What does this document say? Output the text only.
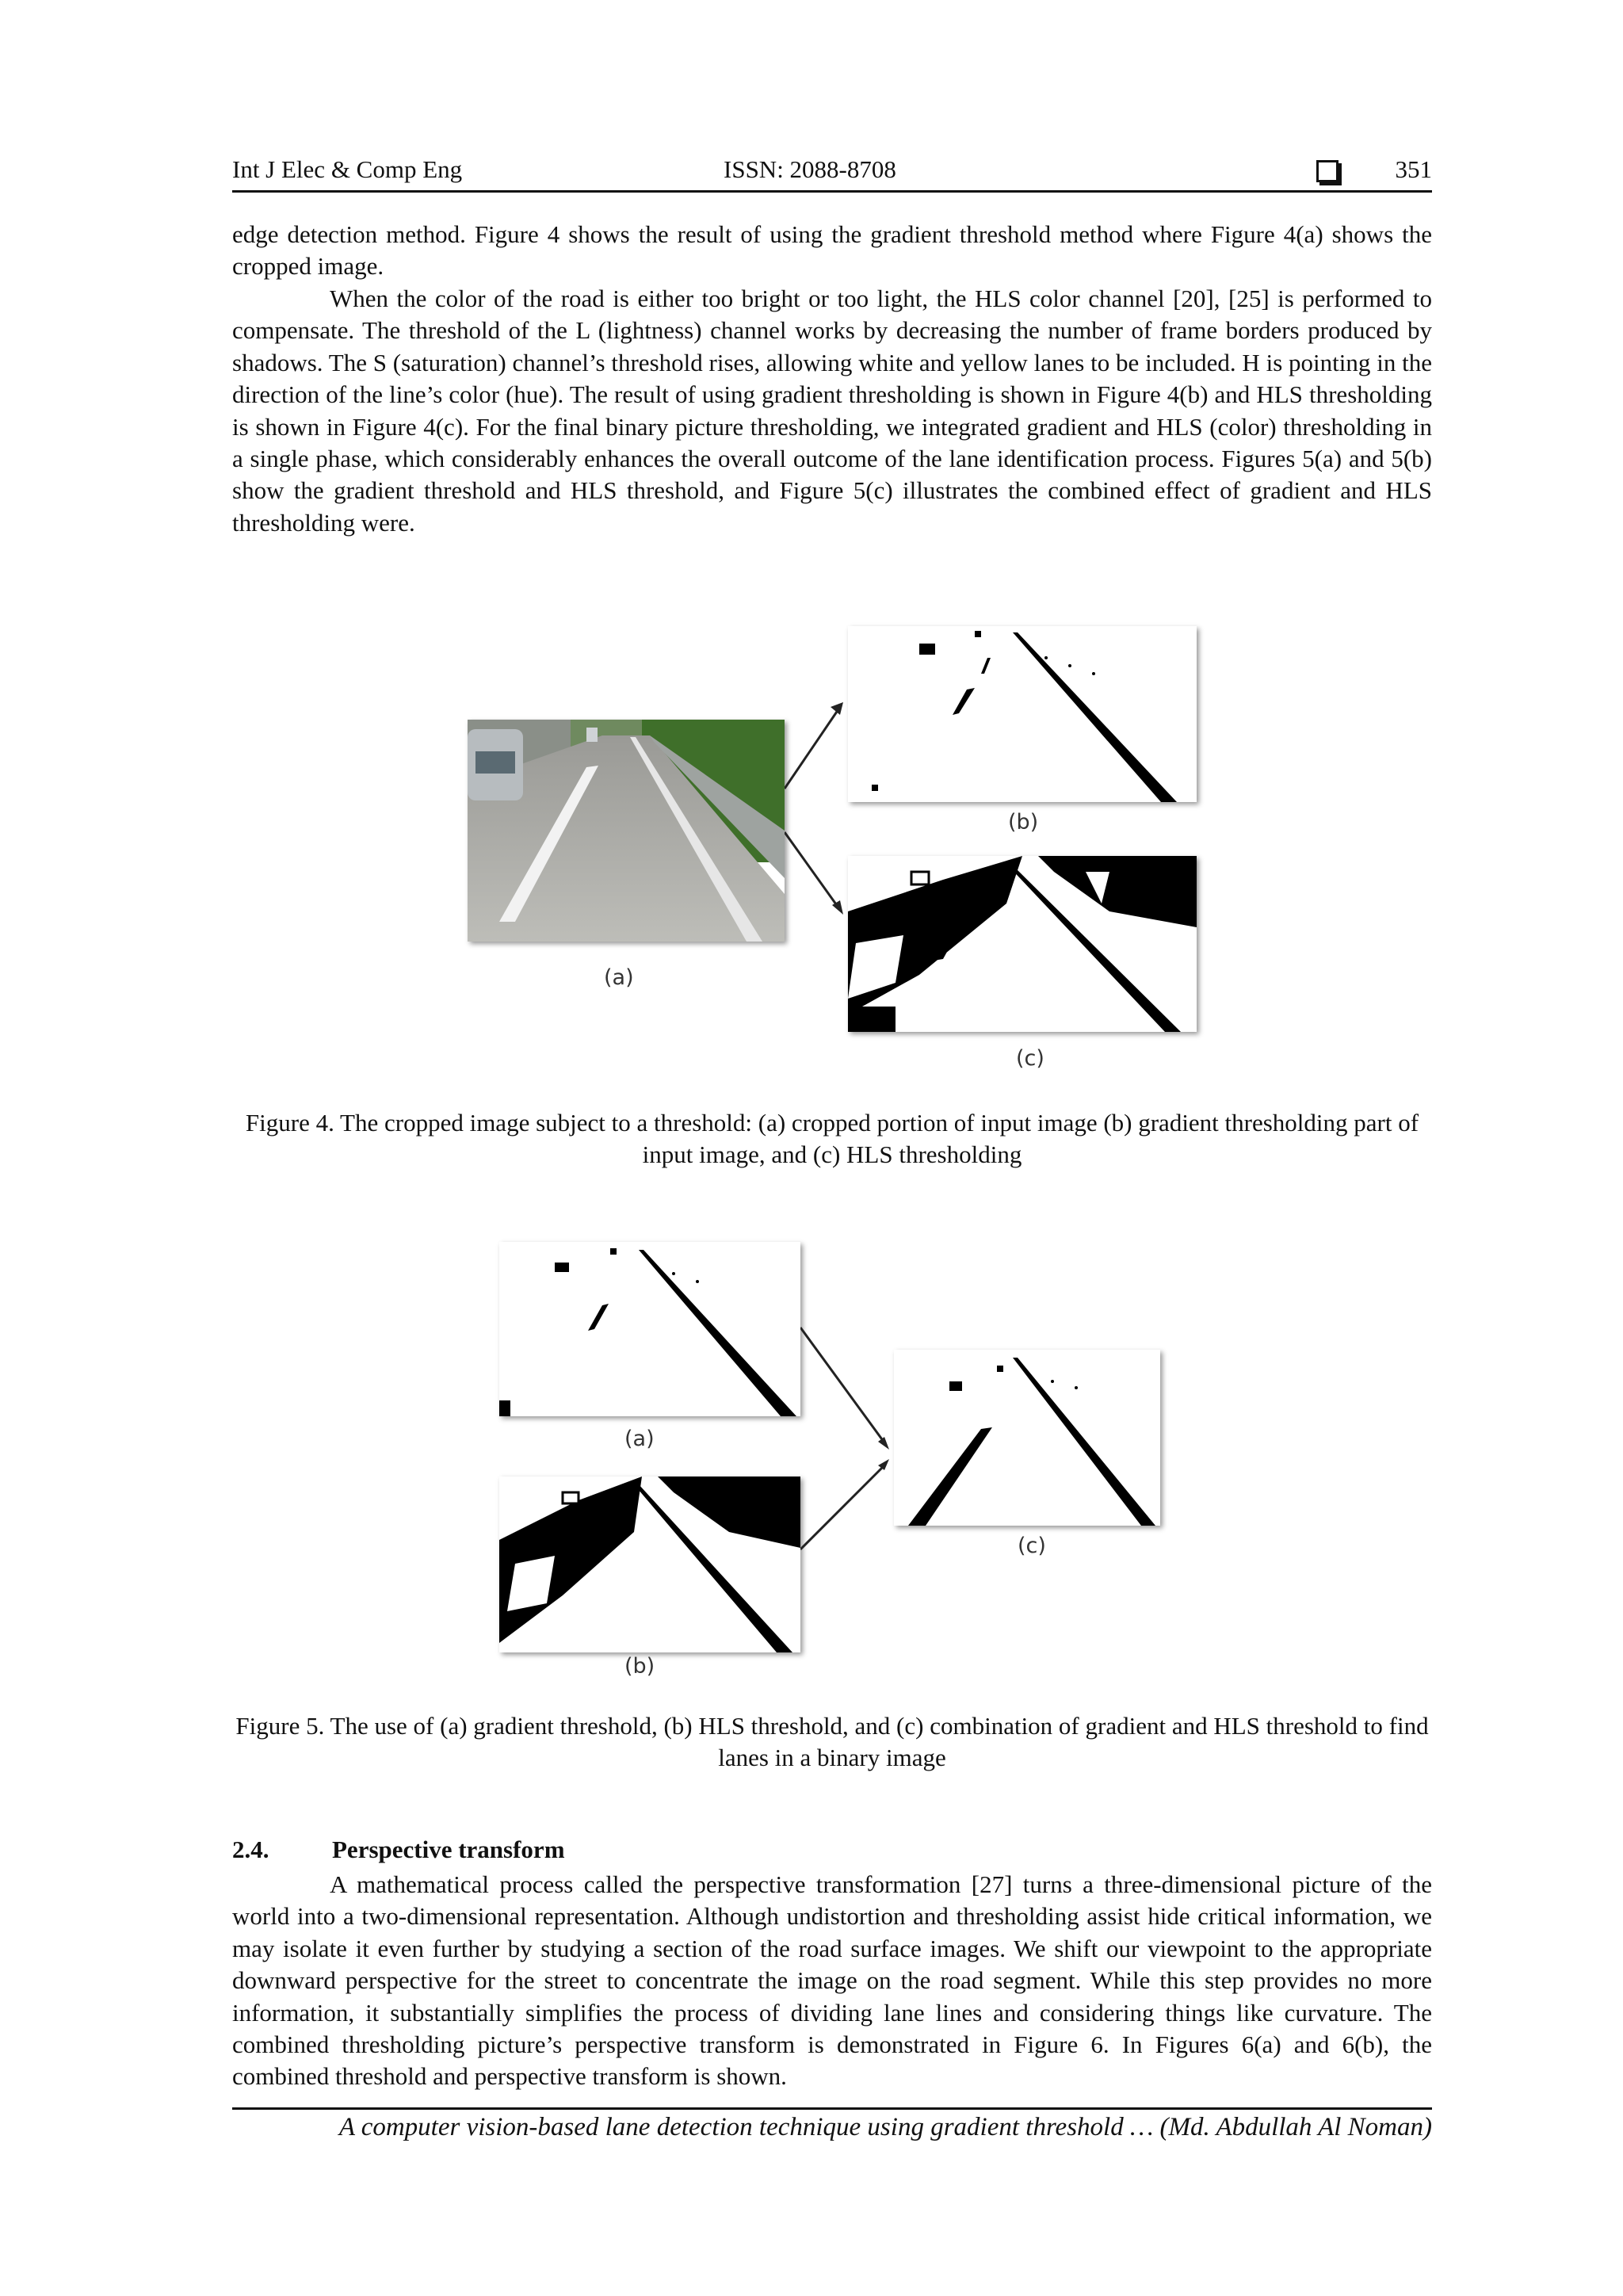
Int J Elec & Comp Eng	ISSN: 2088-8708	351

edge detection method. Figure 4 shows the result of using the gradient threshold method where Figure 4(a) shows the cropped image.

When the color of the road is either too bright or too light, the HLS color channel [20], [25] is performed to compensate. The threshold of the L (lightness) channel works by decreasing the number of frame borders produced by shadows. The S (saturation) channel’s threshold rises, allowing white and yellow lanes to be included. H is pointing in the direction of the line’s color (hue). The result of using gradient thresholding is shown in Figure 4(b) and HLS thresholding is shown in Figure 4(c). For the final binary picture thresholding, we integrated gradient and HLS (color) thresholding in a single phase, which considerably enhances the overall outcome of the lane identification process. Figures 5(a) and 5(b) show the gradient threshold and HLS threshold, and Figure 5(c) illustrates the combined effect of gradient and HLS thresholding were.

(a)
(b)
(c)

Figure 4. The cropped image subject to a threshold: (a) cropped portion of input image (b) gradient thresholding part of input image, and (c) HLS thresholding

(a)
(b)
(c)

Figure 5. The use of (a) gradient threshold, (b) HLS threshold, and (c) combination of gradient and HLS threshold to find lanes in a binary image

2.4.	Perspective transform

A mathematical process called the perspective transformation [27] turns a three-dimensional picture of the world into a two-dimensional representation. Although undistortion and thresholding assist hide critical information, we may isolate it even further by studying a section of the road surface images. We shift our viewpoint to the appropriate downward perspective for the street to concentrate the image on the road segment. While this step provides no more information, it substantially simplifies the process of dividing lane lines and considering things like curvature. The combined thresholding picture’s perspective transform is demonstrated in Figure 6. In Figures 6(a) and 6(b), the combined threshold and perspective transform is shown.

A computer vision-based lane detection technique using gradient threshold … (Md. Abdullah Al Noman)
